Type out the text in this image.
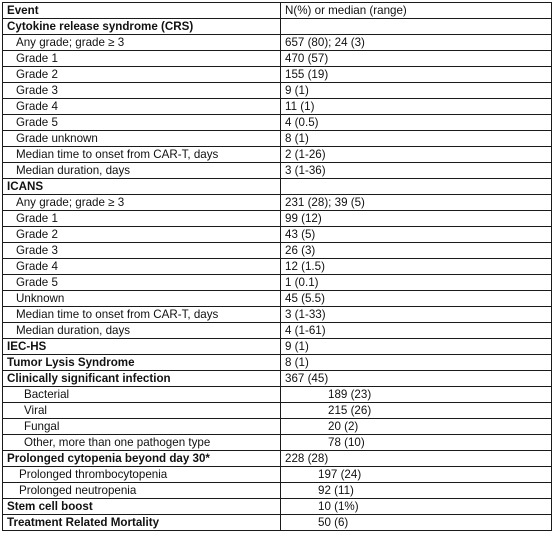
Event	N(%) or median (range)
Cytokine release syndrome (CRS)	
Any grade; grade ≥ 3	657 (80); 24 (3)
Grade 1	470 (57)
Grade 2	155 (19)
Grade 3	9 (1)
Grade 4	11 (1)
Grade 5	4 (0.5)
Grade unknown	8 (1)
Median time to onset from CAR-T, days	2 (1-26)
Median duration, days	3 (1-36)
ICANS	
Any grade; grade ≥ 3	231 (28); 39 (5)
Grade 1	99 (12)
Grade 2	43 (5)
Grade 3	26 (3)
Grade 4	12 (1.5)
Grade 5	1 (0.1)
Unknown	45 (5.5)
Median time to onset from CAR-T, days	3 (1-33)
Median duration, days	4 (1-61)
IEC-HS	9 (1)
Tumor Lysis Syndrome	8 (1)
Clinically significant infection	367 (45)
Bacterial	189 (23)
Viral	215 (26)
Fungal	20 (2)
Other, more than one pathogen type	78 (10)
Prolonged cytopenia beyond day 30*	228 (28)
Prolonged thrombocytopenia	197 (24)
Prolonged neutropenia	92 (11)
Stem cell boost	10 (1%)
Treatment Related Mortality	50 (6)
